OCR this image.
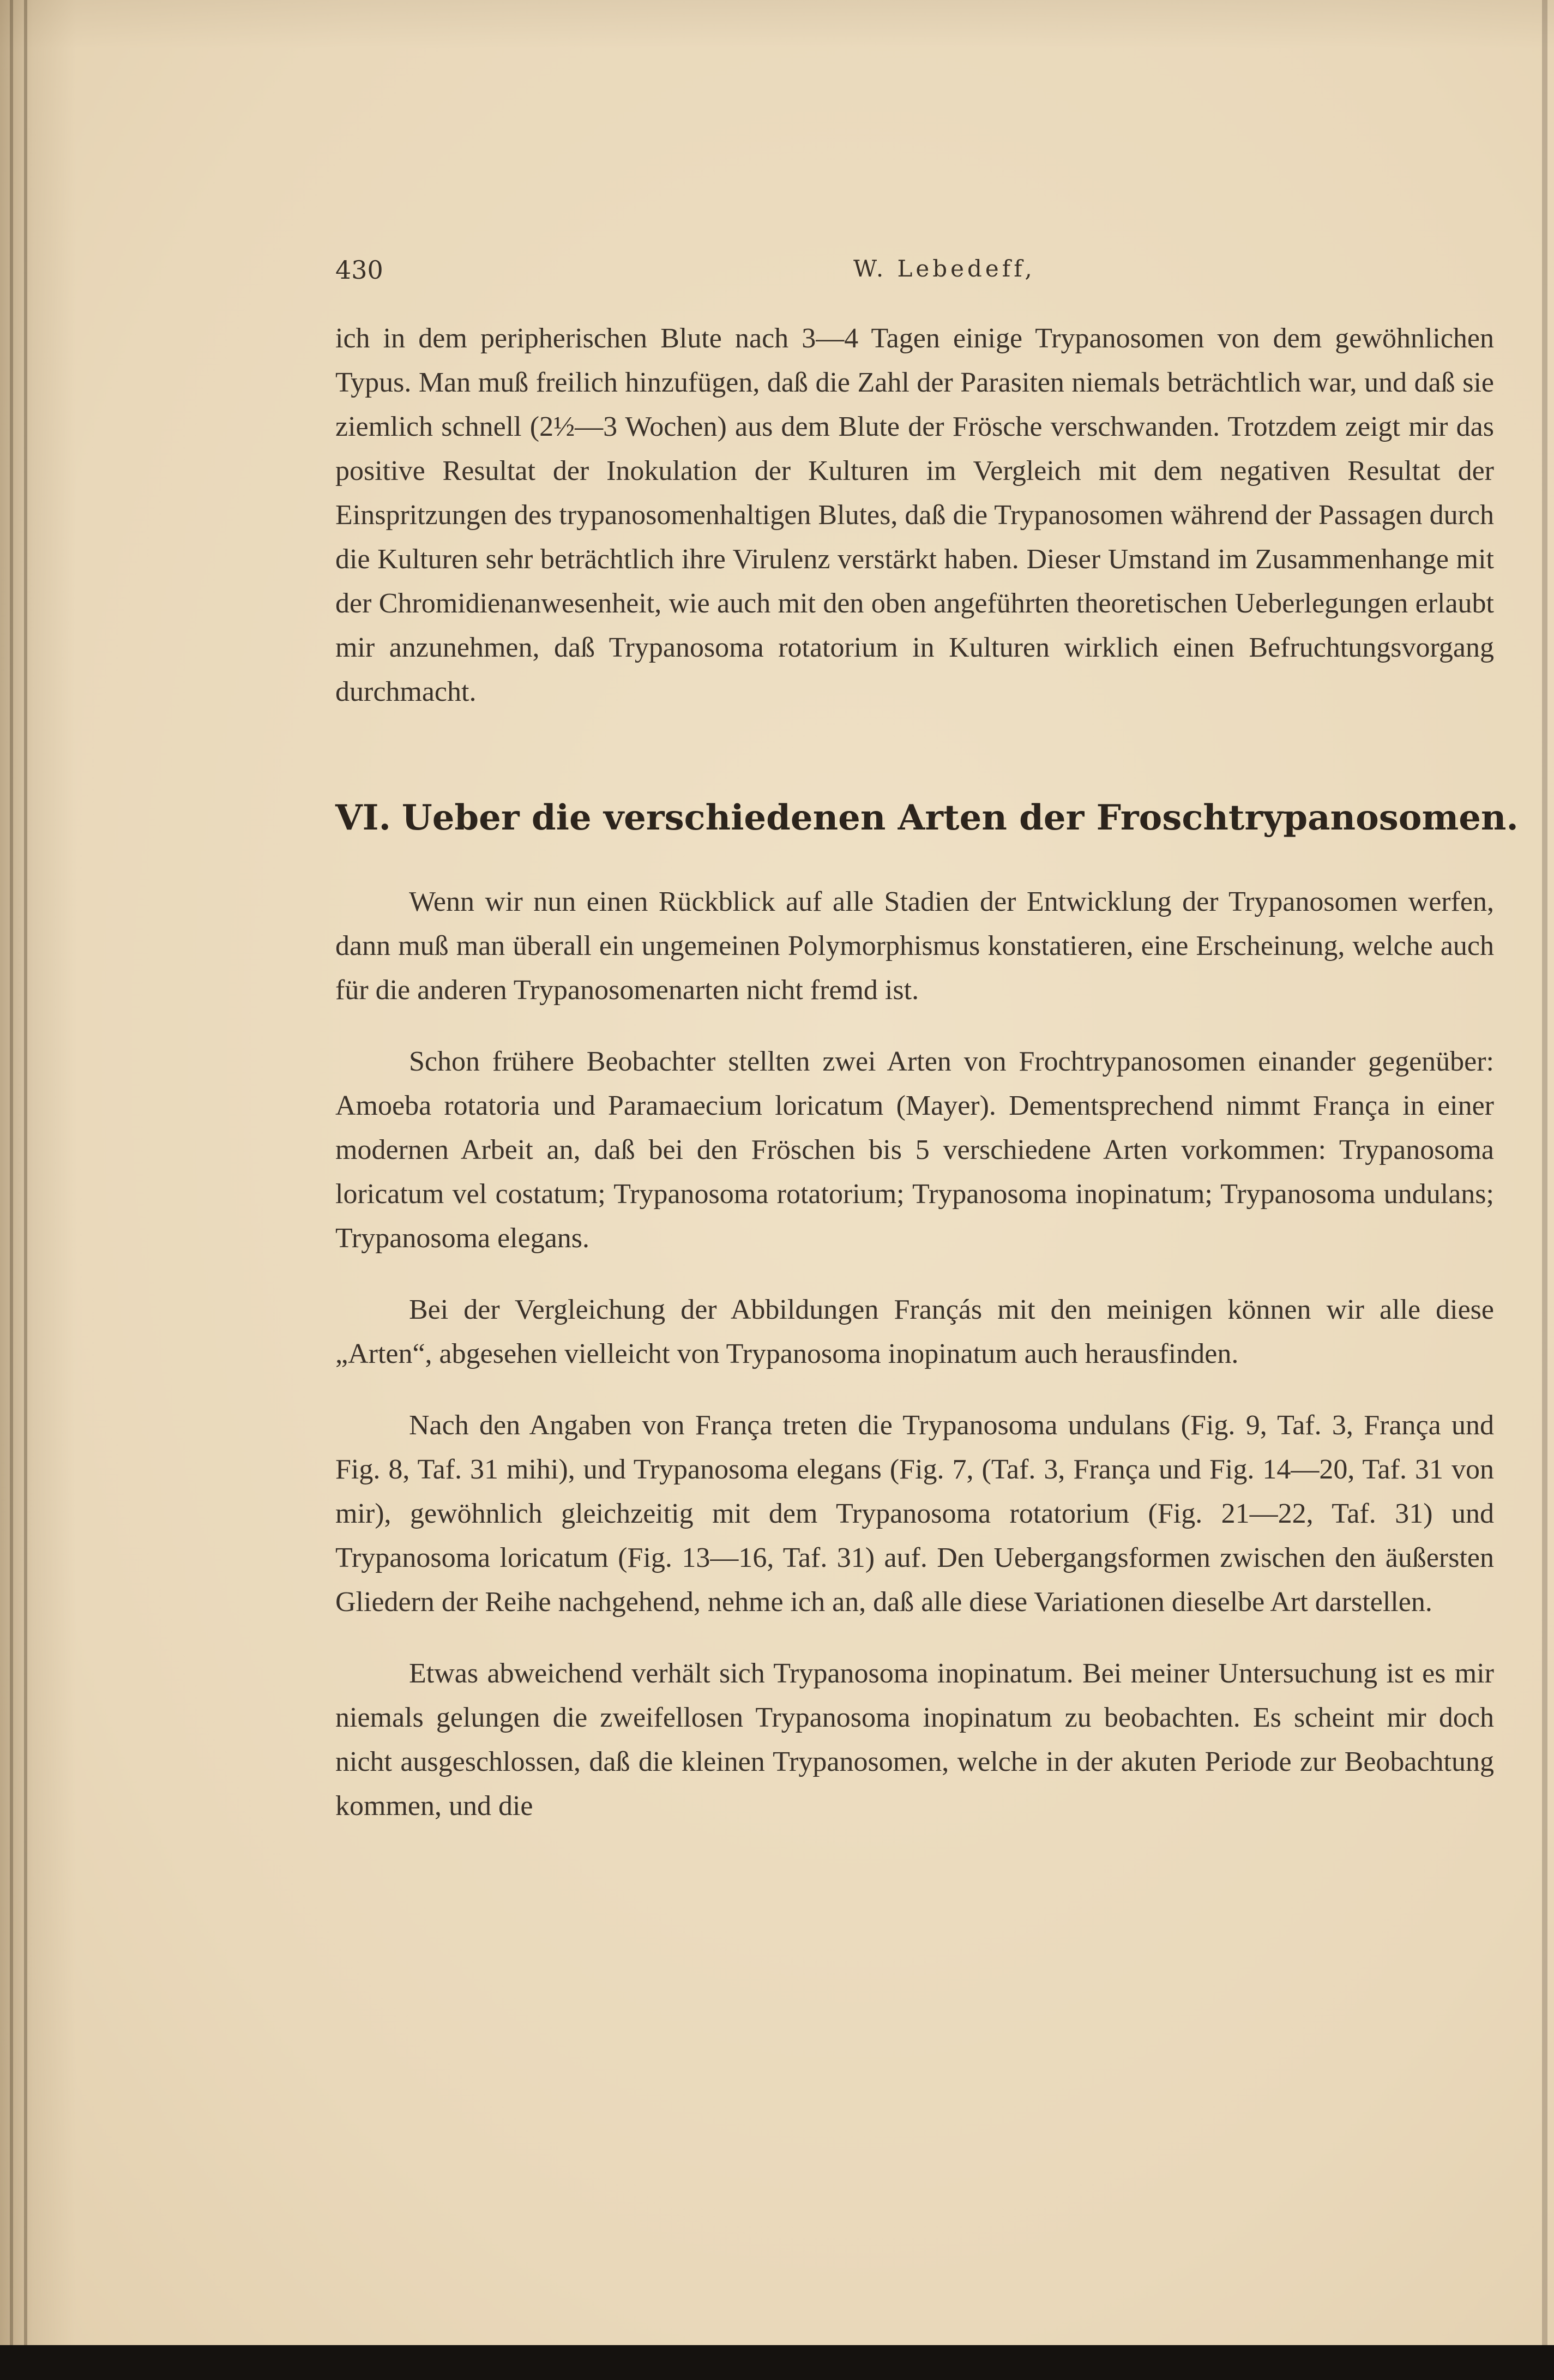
430	W. Lebedeff,

ich in dem peripherischen Blute nach 3—4 Tagen einige Trypanosomen von dem gewöhnlichen Typus. Man muß freilich hinzufügen, daß die Zahl der Parasiten niemals beträchtlich war, und daß sie ziemlich schnell (2½—3 Wochen) aus dem Blute der Frösche verschwanden. Trotzdem zeigt mir das positive Resultat der Inokulation der Kulturen im Vergleich mit dem negativen Resultat der Einspritzungen des trypanosomenhaltigen Blutes, daß die Trypanosomen während der Passagen durch die Kulturen sehr beträchtlich ihre Virulenz verstärkt haben. Dieser Umstand im Zusammenhange mit der Chromidienanwesenheit, wie auch mit den oben angeführten theoretischen Ueberlegungen erlaubt mir anzunehmen, daß Trypanosoma rotatorium in Kulturen wirklich einen Befruchtungsvorgang durchmacht.

VI. Ueber die verschiedenen Arten der Froschtrypanosomen.

Wenn wir nun einen Rückblick auf alle Stadien der Entwicklung der Trypanosomen werfen, dann muß man überall ein ungemeinen Polymorphismus konstatieren, eine Erscheinung, welche auch für die anderen Trypanosomenarten nicht fremd ist.

Schon frühere Beobachter stellten zwei Arten von Frochtrypanosomen einander gegenüber: Amoeba rotatoria und Paramaecium loricatum (Mayer). Dementsprechend nimmt França in einer modernen Arbeit an, daß bei den Fröschen bis 5 verschiedene Arten vorkommen: Trypanosoma loricatum vel costatum; Trypanosoma rotatorium; Trypanosoma inopinatum; Trypanosoma undulans; Trypanosoma elegans.

Bei der Vergleichung der Abbildungen Françás mit den meinigen können wir alle diese „Arten“, abgesehen vielleicht von Trypanosoma inopinatum auch herausfinden.

Nach den Angaben von França treten die Trypanosoma undulans (Fig. 9, Taf. 3, França und Fig. 8, Taf. 31 mihi), und Trypanosoma elegans (Fig. 7, (Taf. 3, França und Fig. 14—20, Taf. 31 von mir), gewöhnlich gleichzeitig mit dem Trypanosoma rotatorium (Fig. 21—22, Taf. 31) und Trypanosoma loricatum (Fig. 13—16, Taf. 31) auf. Den Uebergangsformen zwischen den äußersten Gliedern der Reihe nachgehend, nehme ich an, daß alle diese Variationen dieselbe Art darstellen.

Etwas abweichend verhält sich Trypanosoma inopinatum. Bei meiner Untersuchung ist es mir niemals gelungen die zweifellosen Trypanosoma inopinatum zu beobachten. Es scheint mir doch nicht ausgeschlossen, daß die kleinen Trypanosomen, welche in der akuten Periode zur Beobachtung kommen, und die
